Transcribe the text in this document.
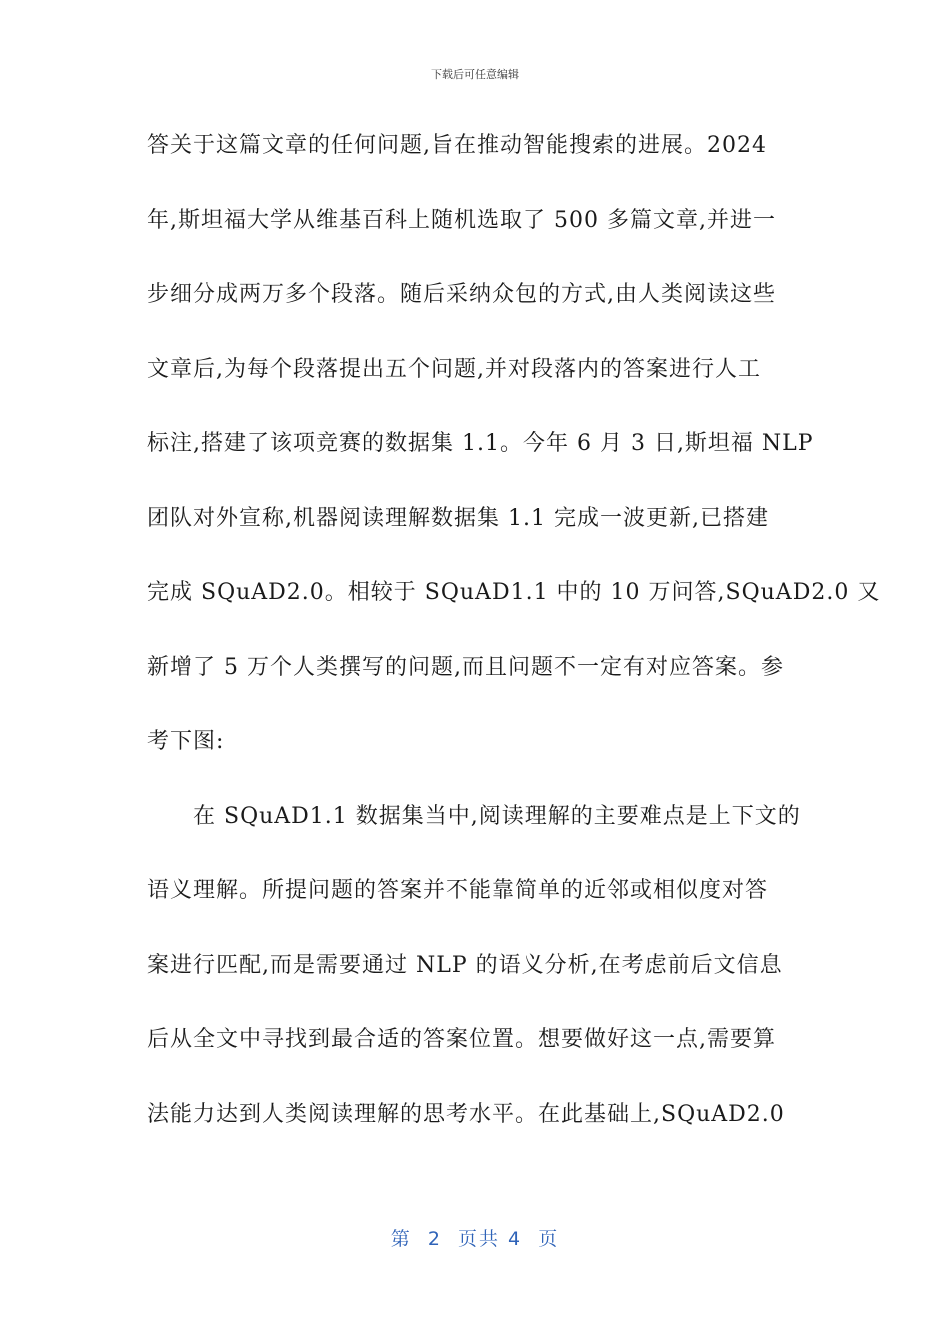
下载后可任意编辑
答关于这篇文章的任何问题,旨在推动智能搜索的进展。2024
年,斯坦福大学从维基百科上随机选取了 500 多篇文章,并进一
步细分成两万多个段落。随后采纳众包的方式,由人类阅读这些
文章后,为每个段落提出五个问题,并对段落内的答案进行人工
标注,搭建了该项竞赛的数据集 1.1。今年 6 月 3 日,斯坦福 NLP
团队对外宣称,机器阅读理解数据集 1.1 完成一波更新,已搭建
完成 SQuAD2.0。相较于 SQuAD1.1 中的 10 万问答,SQuAD2.0 又
新增了 5 万个人类撰写的问题,而且问题不一定有对应答案。参
考下图:
在 SQuAD1.1 数据集当中,阅读理解的主要难点是上下文的
语义理解。所提问题的答案并不能靠简单的近邻或相似度对答
案进行匹配,而是需要通过 NLP 的语义分析,在考虑前后文信息
后从全文中寻找到最合适的答案位置。想要做好这一点,需要算
法能力达到人类阅读理解的思考水平。在此基础上,SQuAD2.0
第  2  页共 4  页
